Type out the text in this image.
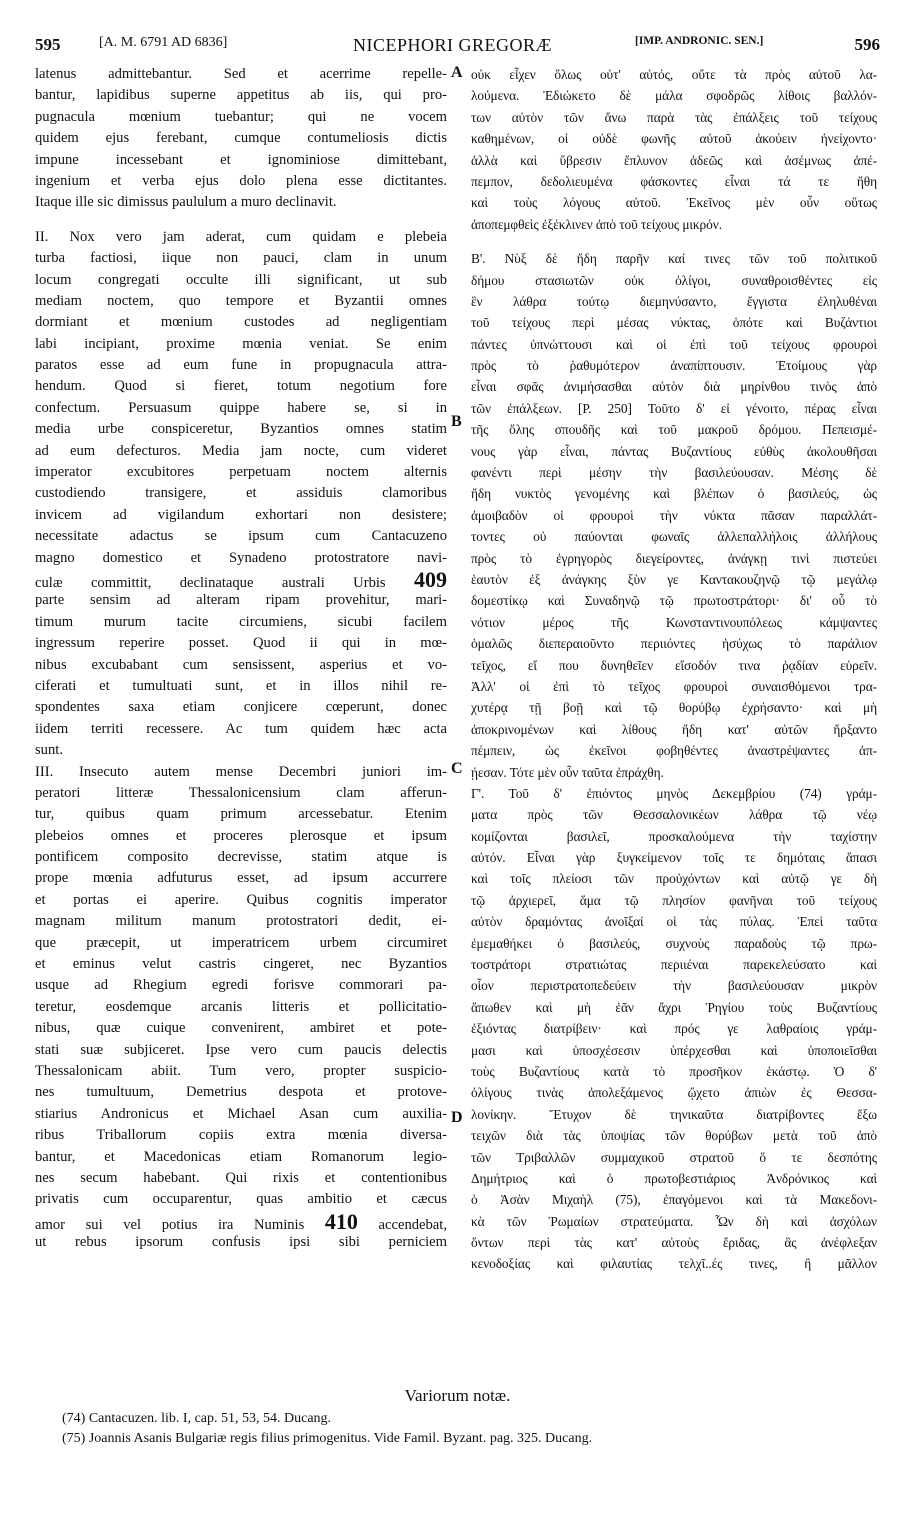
595	[A. M. 6791 AD 6836]	NICEPHORI GREGORÆ	[IMP. ANDRONIC. SEN.]	596
latenus admittebantur. Sed et acerrime repelle-
bantur, lapidibus superne appetitus ab iis, qui pro-
pugnacula mœnium tuebantur; qui ne vocem
quidem ejus ferebant, cumque contumeliosis dictis
impune incessebant et ignominiose dimittebant,
ingenium et verba ejus dolo plena esse dictitantes.
Itaque ille sic dimissus paululum a muro declinavit.
II. Nox vero jam aderat, cum quidam e plebeia
turba factiosi, iique non pauci, clam in unum
locum congregati occulte illi significant, ut sub
mediam noctem, quo tempore et Byzantii omnes
dormiant et mœnium custodes ad negligentiam
labi incipiant, proxime mœnia veniat. Se enim
paratos esse ad eum fune in propugnacula attra-
hendum. Quod si fieret, totum negotium fore
confectum. Persuasum quippe habere se, si in
media urbe conspiceretur, Byzantios omnes statim
ad eum defecturos. Media jam nocte, cum videret
imperator excubitores perpetuam noctem alternis
custodiendo transigere, et assiduis clamoribus
invicem ad vigilandum exhortari non desistere;
necessitate adactus se ipsum cum Cantacuzeno
magno domestico et Synadeno protostratore navi-
culæ committit, declinataque australi Urbis 409
parte sensim ad alteram ripam provehitur, mari-
timum murum tacite circumiens, sicubi facilem
ingressum reperire posset. Quod ii qui in mœ-
nibus excubabant cum sensissent, asperius et vo-
ciferati et tumultuati sunt, et in illos nihil re-
spondentes saxa etiam conjicere cœperunt, donec
iidem territi recessere. Ac tum quidem hæc acta
sunt.
III. Insecuto autem mense Decembri juniori im-
peratori litteræ Thessalonicensium clam afferun-
tur, quibus quam primum arcessebatur. Etenim
plebeios omnes et proceres plerosque et ipsum
pontificem composito decrevisse, statim atque is
prope mœnia adfuturus esset, ad ipsum accurrere
et portas ei aperire. Quibus cognitis imperator
magnam militum manum protostratori dedit, ei-
que præcepit, ut imperatricem urbem circumiret
et eminus velut castris cingeret, nec Byzantios
usque ad Rhegium egredi forisve commorari pa-
teretur, eosdemque arcanis litteris et pollicitatio-
nibus, quæ cuique convenirent, ambiret et pote-
stati suæ subjiceret. Ipse vero cum paucis delectis
Thessalonicam abiit. Tum vero, propter suspicio-
nes tumultuum, Demetrius despota et protove-
stiarius Andronicus et Michael Asan cum auxilia-
ribus Triballorum copiis extra mœnia diversa-
bantur, et Macedonicas etiam Romanorum legio-
nes secum habebant. Qui rixis et contentionibus
privatis cum occuparentur, quas ambitio et cæcus
amor sui vel potius ira Numinis 410 accendebat,
ut rebus ipsorum confusis ipsi sibi perniciem
A
B
C
D
οὐκ εἶχεν ὅλως οὐτ' αὐτός, οὔτε τὰ πρὸς αὐτοῦ λα-
λούμενα. Ἐδιώκετο δὲ μάλα σφοδρῶς λίθοις βαλλόν-
των αὐτὸν τῶν ἄνω παρὰ τὰς ἐπάλξεις τοῦ τείχους
καθημένων, οἱ οὐδὲ φωνῆς αὐτοῦ ἀκούειν ἠνείχοντο·
ἀλλὰ καὶ ὕβρεσιν ἔπλυνον ἀδεῶς καὶ ἀσέμνως ἀπέ-
πεμπον, δεδολιευμένα φάσκοντες εἶναι τά τε ἤθη
καὶ τοὺς λόγους αὐτοῦ. Ἐκεῖνος μὲν οὖν οὕτως
ἀποπεμφθεὶς ἐξέκλινεν ἀπὸ τοῦ τείχους μικρόν.
Β'. Νὺξ δὲ ἤδη παρῆν καί τινες τῶν τοῦ πολιτικοῦ
δήμου στασιωτῶν οὐκ ὀλίγοι, συναθροισθέντες εἰς
ἓν λάθρα τούτῳ διεμηνύσαντο, ἔγγιστα ἐληλυθέναι
τοῦ τείχους περὶ μέσας νύκτας, ὁπότε καὶ Βυζάντιοι
πάντες ὑπνώττουσι καὶ οἱ ἐπὶ τοῦ τείχους φρουροὶ
πρὸς τὸ ῥαθυμότερον ἀναπίπτουσιν. Ἑτοίμους γὰρ
εἶναι σφᾶς ἀνιμήσασθαι αὐτὸν διὰ μηρίνθου τινὸς ἀπὸ
τῶν ἐπάλξεων. [P. 250] Τοῦτο δ' εἰ γένοιτο, πέρας εἶναι
τῆς ὅλης σπουδῆς καὶ τοῦ μακροῦ δρόμου. Πεπεισμέ-
νους γὰρ εἶναι, πάντας Βυζαντίους εὐθὺς ἀκολουθῆσαι
φανέντι περὶ μέσην τὴν βασιλεύουσαν. Μέσης δὲ
ἤδη νυκτὸς γενομένης καὶ βλέπων ὁ βασιλεύς, ὡς
ἀμοιβαδὸν οἱ φρουροὶ τὴν νύκτα πᾶσαν παραλλάτ-
τοντες οὐ παύονται φωναῖς ἀλλεπαλλήλοις ἀλλήλους
πρὸς τὸ ἐγρηγορὸς διεγείροντες, ἀνάγκῃ τινὶ πιστεύει
ἑαυτὸν ἐξ ἀνάγκης ξὺν γε Καντακουζηνῷ τῷ μεγάλῳ
δομεστίκῳ καὶ Συναδηνῷ τῷ πρωτοστράτορι· δι' οὗ τὸ
νότιον μέρος τῆς Κωνσταντινουπόλεως κάμψαντες
ὁμαλῶς διεπεραιοῦντο περιιόντες ἡσύχως τὸ παράλιον
τεῖχος, εἴ που δυνηθεῖεν εἴσοδόν τινα ῥᾳδίαν εὑρεῖν.
Ἀλλ' οἱ ἐπὶ τὸ τεῖχος φρουροὶ συναισθόμενοι τρα-
χυτέρᾳ τῇ βοῇ καὶ τῷ θορύβῳ ἐχρήσαντο· καὶ μὴ
ἀποκρινομένων καὶ λίθους ἤδη κατ' αὐτῶν ἤρξαντο
πέμπειν, ὡς ἐκεῖνοι φοβηθέντες ἀναστρέψαντες ἀπ-
ῄεσαν. Τότε μὲν οὖν ταῦτα ἐπράχθη.
Γ'. Τοῦ δ' ἐπιόντος μηνὸς Δεκεμβρίου (74) γράμ-
ματα πρὸς τῶν Θεσσαλονικέων λάθρα τῷ νέῳ
κομίζονται βασιλεῖ, προσκαλούμενα τὴν ταχίστην
αὐτόν. Εἶναι γὰρ ξυγκείμενον τοῖς τε δημόταις ἅπασι
καὶ τοῖς πλείοσι τῶν προὐχόντων καὶ αὐτῷ γε δὴ
τῷ ἀρχιερεῖ, ἅμα τῷ πλησίον φανῆναι τοῦ τείχους
αὐτὸν δραμόντας ἀνοῖξαί οἱ τὰς πύλας. Ἐπεὶ ταῦτα
ἐμεμαθήκει ὁ βασιλεύς, συχνοὺς παραδοὺς τῷ πρω-
τοστράτορι στρατιώτας περιιέναι παρεκελεύσατο καὶ
οἷον περιστρατοπεδεύειν τὴν βασιλεύουσαν μικρὸν
ἄπωθεν καὶ μὴ ἐᾶν ἄχρι Ῥηγίου τοὺς Βυζαντίους
ἐξιόντας διατρίβειν· καὶ πρός γε λαθραίοις γράμ-
μασι καὶ ὑποσχέσεσιν ὑπέρχεσθαι καὶ ὑποποιεῖσθαι
τοὺς Βυζαντίους κατὰ τὸ προσῆκον ἑκάστῳ. Ὁ δ'
ὀλίγους τινὰς ἀπολεξάμενος ᾤχετο ἀπιὼν ἐς Θεσσα-
λονίκην. Ἔτυχον δὲ τηνικαῦτα διατρίβοντες ἔξω
τειχῶν διὰ τὰς ὑποψίας τῶν θορύβων μετὰ τοῦ ἀπὸ
τῶν Τριβαλλῶν συμμαχικοῦ στρατοῦ ὅ τε δεσπότης
Δημήτριος καὶ ὁ πρωτοβεστιάριος Ἀνδρόνικος καὶ
ὁ Ἀσὰν Μιχαὴλ (75), ἐπαγόμενοι καὶ τὰ Μακεδονι-
κὰ τῶν Ῥωμαίων στρατεύματα. Ὧν δὴ καὶ ἀσχόλων
ὄντων περὶ τὰς κατ' αὐτοὺς ἔριδας, ἃς ἀνέφλεξαν
κενοδοξίας καὶ φιλαυτίας τελχῖ..ές τινες, ἢ μᾶλλον
Variorum notæ.
(74) Cantacuzen. lib. I, cap. 51, 53, 54. Ducang.
(75) Joannis Asanis Bulgariæ regis filius primogenitus. Vide Famil. Byzant. pag. 325. Ducang.
